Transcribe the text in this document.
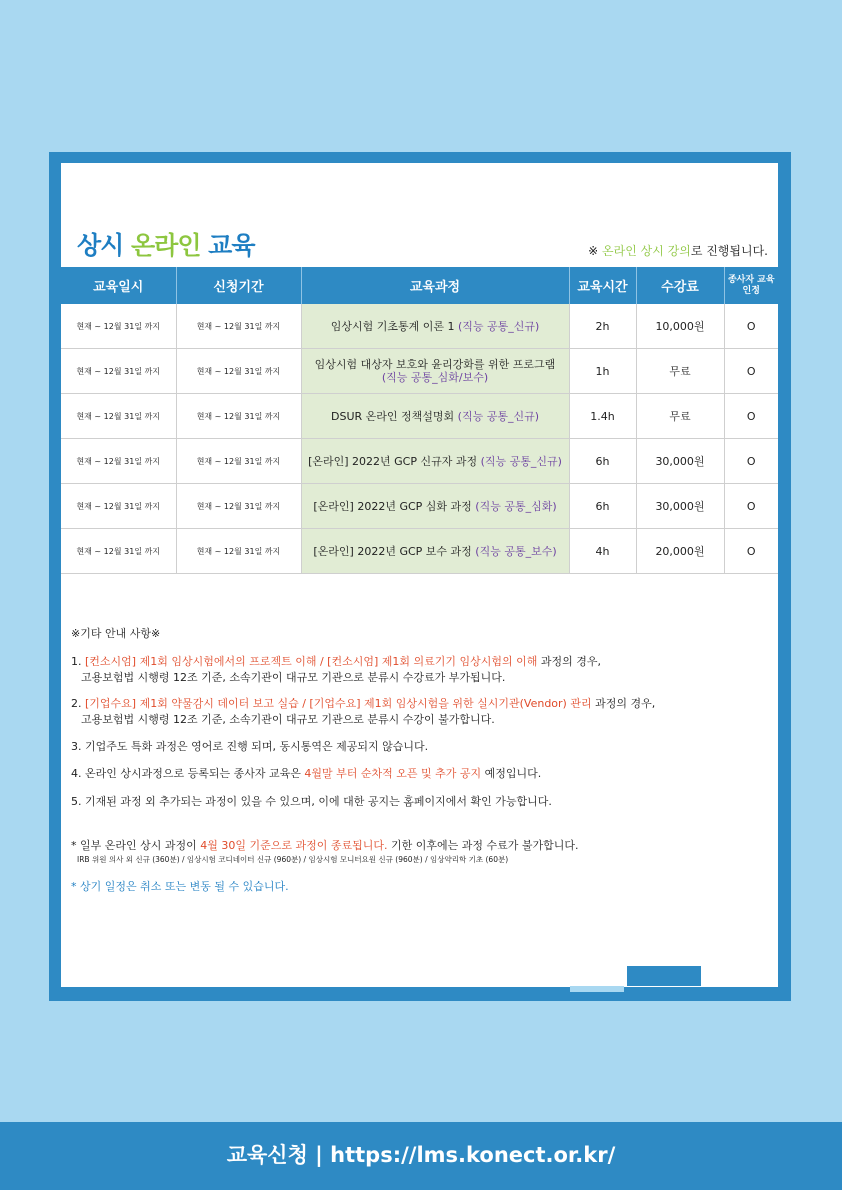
상시 온라인 교육	※ 온라인 상시 강의로 진행됩니다.
교육일시	신청기간	교육과정	교육시간	수강료	종사자 교육 인정
현재 ~ 12월 31일 까지	현재 ~ 12월 31일 까지	임상시험 기초통계 이론 1 (직능 공통_신규)	2h	10,000원	O
현재 ~ 12월 31일 까지	현재 ~ 12월 31일 까지	임상시험 대상자 보호와 윤리강화를 위한 프로그램
(직능 공통_심화/보수)	1h	무료	O
현재 ~ 12월 31일 까지	현재 ~ 12월 31일 까지	DSUR 온라인 정책설명회 (직능 공통_신규)	1.4h	무료	O
현재 ~ 12월 31일 까지	현재 ~ 12월 31일 까지	[온라인] 2022년 GCP 신규자 과정 (직능 공통_신규)	6h	30,000원	O
현재 ~ 12월 31일 까지	현재 ~ 12월 31일 까지	[온라인] 2022년 GCP 심화 과정 (직능 공통_심화)	6h	30,000원	O
현재 ~ 12월 31일 까지	현재 ~ 12월 31일 까지	[온라인] 2022년 GCP 보수 과정 (직능 공통_보수)	4h	20,000원	O
※기타 안내 사항※
1. [컨소시엄] 제1회 임상시험에서의 프로젝트 이해 / [컨소시엄] 제1회 의료기기 임상시험의 이해 과정의 경우,
고용보험법 시행령 12조 기준, 소속기관이 대규모 기관으로 분류시 수강료가 부가됩니다.
2. [기업수요] 제1회 약물감시 데이터 보고 실습 / [기업수요] 제1회 임상시험을 위한 실시기관(Vendor) 관리 과정의 경우,
고용보험법 시행령 12조 기준, 소속기관이 대규모 기관으로 분류시 수강이 불가합니다.
3. 기업주도 특화 과정은 영어로 진행 되며, 동시통역은 제공되지 않습니다.
4. 온라인 상시과정으로 등록되는 종사자 교육은 4월말 부터 순차적 오픈 및 추가 공지 예정입니다.
5. 기재된 과정 외 추가되는 과정이 있을 수 있으며, 이에 대한 공지는 홈페이지에서 확인 가능합니다.
* 일부 온라인 상시 과정이 4월 30일 기준으로 과정이 종료됩니다. 기한 이후에는 과정 수료가 불가합니다.
IRB 위원 의사 외 신규 (360분) / 임상시험 코디네이터 신규 (960분) / 임상시험 모니터요원 신규 (960분) / 임상약리학 기초 (60분)
* 상기 일정은 취소 또는 변동 될 수 있습니다.
교육신청 | https://lms.konect.or.kr/
